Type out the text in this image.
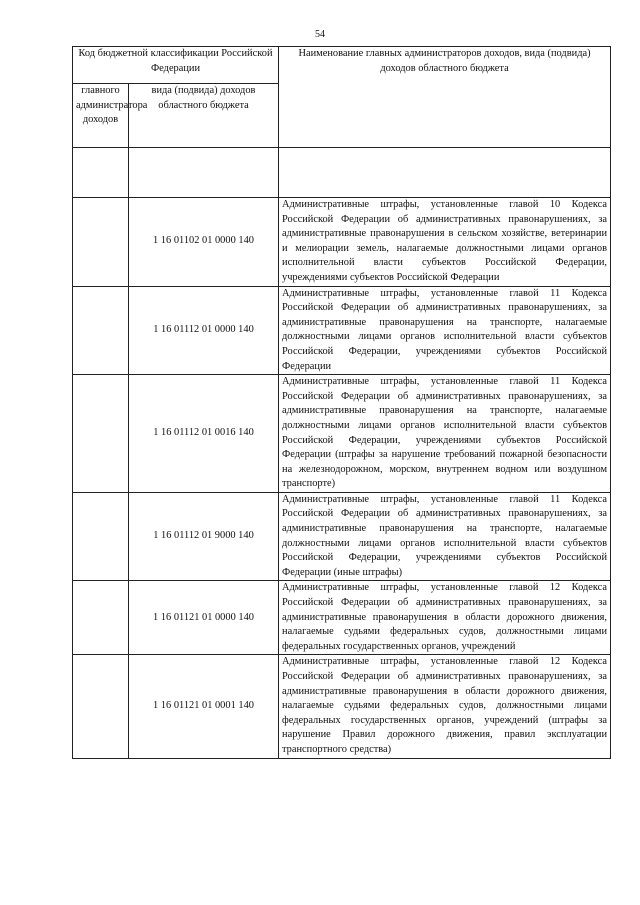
54
Код бюджетной классификации Российской Федерации		Наименование главных администраторов доходов, вида (подвида) доходов областного бюджета
главного администратора доходов	вида (подвида) доходов областного бюджета	

	1 16 01102 01 0000 140	Административные штрафы, установленные главой 10 Кодекса Российской Федерации об административных правонарушениях, за административные правонарушения в сельском хозяйстве, ветеринарии и мелиорации земель, налагаемые должностными лицами органов исполнительной власти субъектов Российской Федерации, учреждениями субъектов Российской Федерации
	1 16 01112 01 0000 140	Административные штрафы, установленные главой 11 Кодекса Российской Федерации об административных правонарушениях, за административные правонарушения на транспорте, налагаемые должностными лицами органов исполнительной власти субъектов Российской Федерации, учреждениями субъектов Российской Федерации
	1 16 01112 01 0016 140	Административные штрафы, установленные главой 11 Кодекса Российской Федерации об административных правонарушениях, за административные правонарушения на транспорте, налагаемые должностными лицами органов исполнительной власти субъектов Российской Федерации, учреждениями субъектов Российской Федерации (штрафы за нарушение требований пожарной безопасности на железнодорожном, морском, внутреннем водном или воздушном транспорте)
	1 16 01112 01 9000 140	Административные штрафы, установленные главой 11 Кодекса Российской Федерации об административных правонарушениях, за административные правонарушения на транспорте, налагаемые должностными лицами органов исполнительной власти субъектов Российской Федерации, учреждениями субъектов Российской Федерации (иные штрафы)
	1 16 01121 01 0000 140	Административные штрафы, установленные главой 12 Кодекса Российской Федерации об административных правонарушениях, за административные правонарушения в области дорожного движения, налагаемые судьями федеральных судов, должностными лицами федеральных государственных органов, учреждений
	1 16 01121 01 0001 140	Административные штрафы, установленные главой 12 Кодекса Российской Федерации об административных правонарушениях, за административные правонарушения в области дорожного движения, налагаемые судьями федеральных судов, должностными лицами федеральных государственных органов, учреждений (штрафы за нарушение Правил дорожного движения, правил эксплуатации транспортного средства)
